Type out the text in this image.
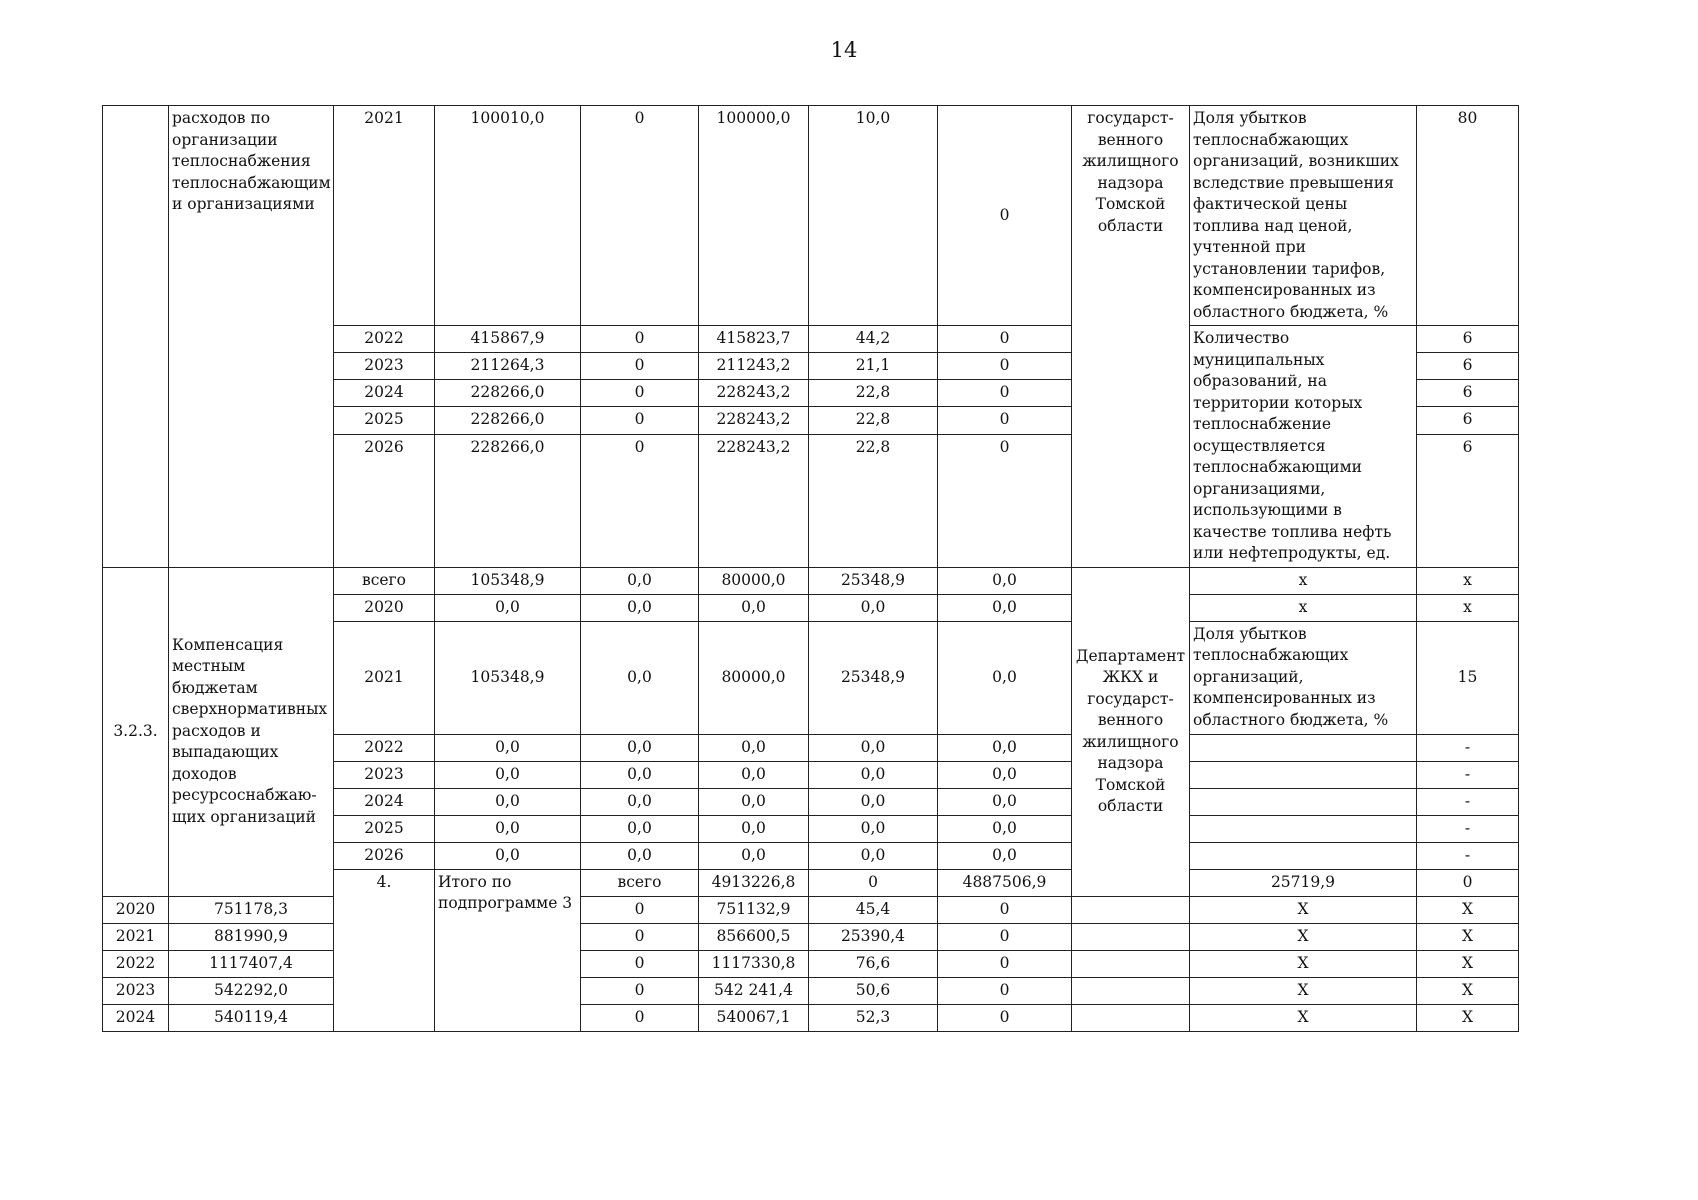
14
	расходов по организации теплоснабжения теплоснабжающим и организациями	2021	100010,0	0	100000,0	10,0	0	государст-венного жилищного надзора Томской области	Доля убытков теплоснабжающих организаций, возникших вследствие превышения фактической цены топлива над ценой, учтенной при установлении тарифов, компенсированных из областного бюджета, %	80	
		2022	415867,9	0	415823,7	44,2	0		Количество муниципальных образований, на территории которых теплоснабжение осуществляется теплоснабжающими организациями, использующими в качестве топлива нефть или нефтепродукты, ед.	6	
		2023	211264,3	0	211243,2	21,1	0			6	
		2024	228266,0	0	228243,2	22,8	0			6	
		2025	228266,0	0	228243,2	22,8	0			6	
		2026	228266,0	0	228243,2	22,8	0			6	
3.2.3.	Компенсация местным бюджетам сверхнормативных расходов и выпадающих доходов ресурсоснабжаю-щих организаций	всего	105348,9	0,0	80000,0	25348,9	0,0	Департамент ЖКХ и государст-венного жилищного надзора Томской области	x	x	
		2020	0,0	0,0	0,0	0,0	0,0		x	x	
		2021	105348,9	0,0	80000,0	25348,9	0,0		Доля убытков теплоснабжающих организаций, компенсированных из областного бюджета, %	15	
		2022	0,0	0,0	0,0	0,0	0,0			-	
		2023	0,0	0,0	0,0	0,0	0,0			-	
		2024	0,0	0,0	0,0	0,0	0,0			-	
		2025	0,0	0,0	0,0	0,0	0,0			-	
		2026	0,0	0,0	0,0	0,0	0,0			-	
		4.	Итого по подпрограмме 3	всего	4913226,8	0	4887506,9		25719,9	0			
2020	751178,3			0	751132,9	45,4	0		X	X	
2021	881990,9			0	856600,5	25390,4	0		X	X	
2022	1117407,4			0	1117330,8	76,6	0		X	X	
2023	542292,0			0	542 241,4	50,6	0		X	X	
2024	540119,4			0	540067,1	52,3	0		X	X	
